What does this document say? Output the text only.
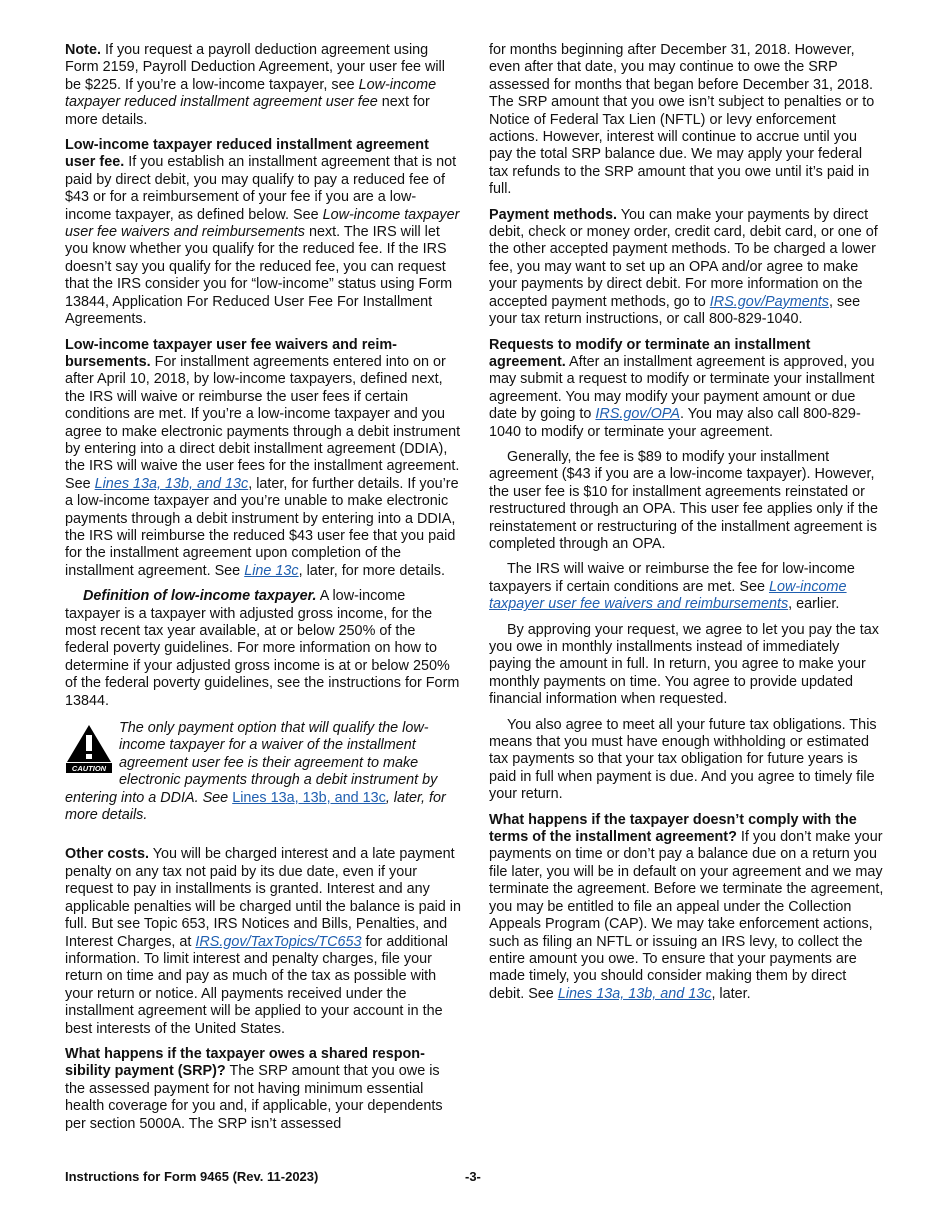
Note. If you request a payroll deduction agreement using Form 2159, Payroll Deduction Agreement, your user fee will be $225. If you’re a low-income taxpayer, see Low-income taxpayer reduced installment agreement user fee next for more details.

Low-income taxpayer reduced installment agreement user fee. If you establish an installment agreement that is not paid by direct debit, you may qualify to pay a reduced fee of $43 or for a reimbursement of your fee if you are a low-income taxpayer, as defined below. See Low-income taxpayer user fee waivers and reimbursements next. The IRS will let you know whether you qualify for the reduced fee. If the IRS doesn’t say you qualify for the reduced fee, you can request that the IRS consider you for “low-income” status using Form 13844, Application For Reduced User Fee For Installment Agreements.

Low-income taxpayer user fee waivers and reimbursements. For installment agreements entered into on or after April 10, 2018, by low-income taxpayers, defined next, the IRS will waive or reimburse the user fees if certain conditions are met. If you’re a low-income taxpayer and you agree to make electronic payments through a debit instrument by entering into a direct debit installment agreement (DDIA), the IRS will waive the user fees for the installment agreement. See Lines 13a, 13b, and 13c, later, for further details. If you’re a low-income taxpayer and you’re unable to make electronic payments through a debit instrument by entering into a DDIA, the IRS will reimburse the reduced $43 user fee that you paid for the installment agreement upon completion of the installment agreement. See Line 13c, later, for more details.

Definition of low-income taxpayer. A low-income taxpayer is a taxpayer with adjusted gross income, for the most recent tax year available, at or below 250% of the federal poverty guidelines. For more information on how to determine if your adjusted gross income is at or below 250% of the federal poverty guidelines, see the instructions for Form 13844.

CAUTION
The only payment option that will qualify the low-income taxpayer for a waiver of the installment agreement user fee is their agreement to make electronic payments through a debit instrument by entering into a DDIA. See Lines 13a, 13b, and 13c, later, for more details.

Other costs. You will be charged interest and a late payment penalty on any tax not paid by its due date, even if your request to pay in installments is granted. Interest and any applicable penalties will be charged until the balance is paid in full. But see Topic 653, IRS Notices and Bills, Penalties, and Interest Charges, at IRS.gov/TaxTopics/TC653 for additional information. To limit interest and penalty charges, file your return on time and pay as much of the tax as possible with your return or notice. All payments received under the installment agreement will be applied to your account in the best interests of the United States.

What happens if the taxpayer owes a shared responsibility payment (SRP)? The SRP amount that you owe is the assessed payment for not having minimum essential health coverage for you and, if applicable, your dependents per section 5000A. The SRP isn’t assessed

for months beginning after December 31, 2018. However, even after that date, you may continue to owe the SRP assessed for months that began before December 31, 2018. The SRP amount that you owe isn’t subject to penalties or to Notice of Federal Tax Lien (NFTL) or levy enforcement actions. However, interest will continue to accrue until you pay the total SRP balance due. We may apply your federal tax refunds to the SRP amount that you owe until it’s paid in full.

Payment methods. You can make your payments by direct debit, check or money order, credit card, debit card, or one of the other accepted payment methods. To be charged a lower fee, you may want to set up an OPA and/or agree to make your payments by direct debit. For more information on the accepted payment methods, go to IRS.gov/Payments, see your tax return instructions, or call 800-829-1040.

Requests to modify or terminate an installment agreement. After an installment agreement is approved, you may submit a request to modify or terminate your installment agreement. You may modify your payment amount or due date by going to IRS.gov/OPA. You may also call 800-829-1040 to modify or terminate your agreement.

Generally, the fee is $89 to modify your installment agreement ($43 if you are a low-income taxpayer). However, the user fee is $10 for installment agreements reinstated or restructured through an OPA. This user fee applies only if the reinstatement or restructuring of the installment agreement is completed through an OPA.

The IRS will waive or reimburse the fee for low-income taxpayers if certain conditions are met. See Low-income taxpayer user fee waivers and reimbursements, earlier.

By approving your request, we agree to let you pay the tax you owe in monthly installments instead of immediately paying the amount in full. In return, you agree to make your monthly payments on time. You agree to provide updated financial information when requested.

You also agree to meet all your future tax obligations. This means that you must have enough withholding or estimated tax payments so that your tax obligation for future years is paid in full when payment is due. And you agree to timely file your return.

What happens if the taxpayer doesn’t comply with the terms of the installment agreement? If you don’t make your payments on time or don’t pay a balance due on a return you file later, you will be in default on your agreement and we may terminate the agreement. Before we terminate the agreement, you may be entitled to file an appeal under the Collection Appeals Program (CAP). We may take enforcement actions, such as filing an NFTL or issuing an IRS levy, to collect the entire amount you owe. To ensure that your payments are made timely, you should consider making them by direct debit. See Lines 13a, 13b, and 13c, later.

Instructions for Form 9465 (Rev. 11-2023)	-3-
